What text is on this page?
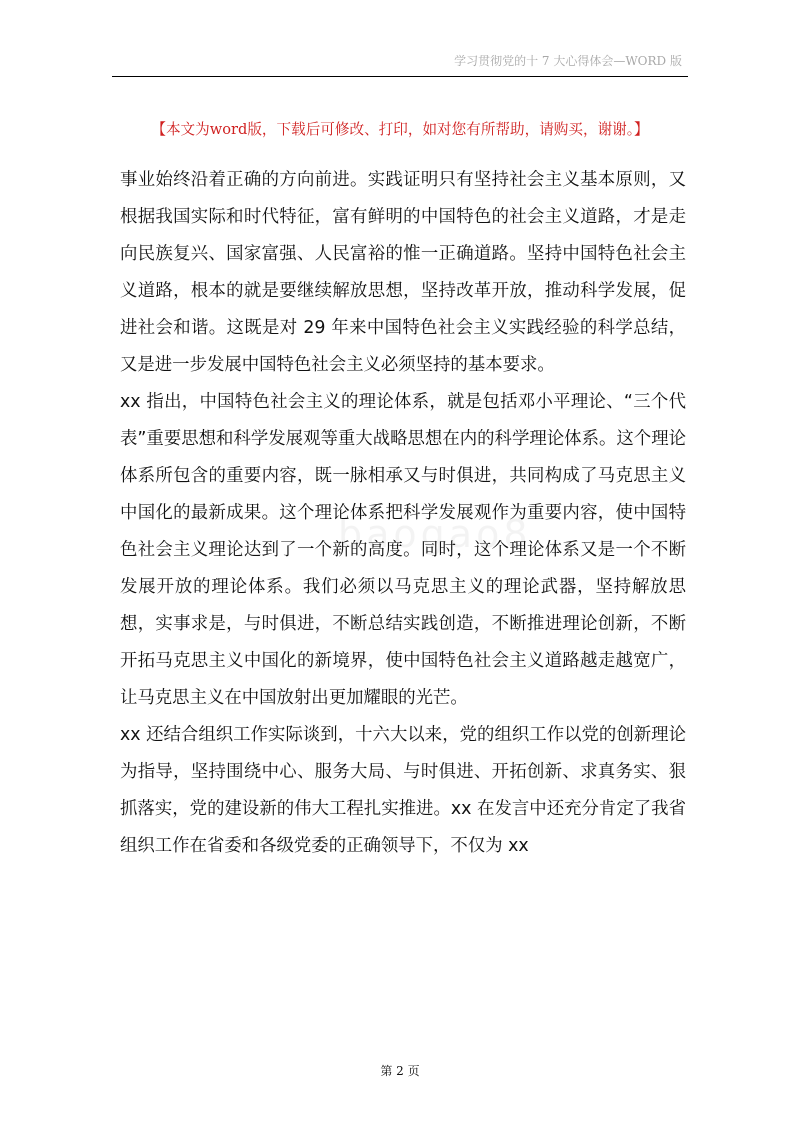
学习贯彻党的十 7 大心得体会—WORD 版
【本文为word版，下载后可修改、打印，如对您有所帮助，请购买，谢谢。】

事业始终沿着正确的方向前进。实践证明只有坚持社会主义基本原则，又根据我国实际和时代特征，富有鲜明的中国特色的社会主义道路，才是走向民族复兴、国家富强、人民富裕的惟一正确道路。坚持中国特色社会主义道路，根本的就是要继续解放思想，坚持改革开放，推动科学发展，促进社会和谐。这既是对 29 年来中国特色社会主义实践经验的科学总结，又是进一步发展中国特色社会主义必须坚持的基本要求。

xx 指出，中国特色社会主义的理论体系，就是包括邓小平理论、“三个代表”重要思想和科学发展观等重大战略思想在内的科学理论体系。这个理论体系所包含的重要内容，既一脉相承又与时俱进，共同构成了马克思主义中国化的最新成果。这个理论体系把科学发展观作为重要内容，使中国特色社会主义理论达到了一个新的高度。同时，这个理论体系又是一个不断发展开放的理论体系。我们必须以马克思主义的理论武器，坚持解放思想，实事求是，与时俱进，不断总结实践创造，不断推进理论创新，不断开拓马克思主义中国化的新境界，使中国特色社会主义道路越走越宽广，让马克思主义在中国放射出更加耀眼的光芒。

xx 还结合组织工作实际谈到，十六大以来，党的组织工作以党的创新理论为指导，坚持围绕中心、服务大局、与时俱进、开拓创新、求真务实、狠抓落实，党的建设新的伟大工程扎实推进。xx 在发言中还充分肯定了我省组织工作在省委和各级党委的正确领导下，不仅为 xx

第 2 页
